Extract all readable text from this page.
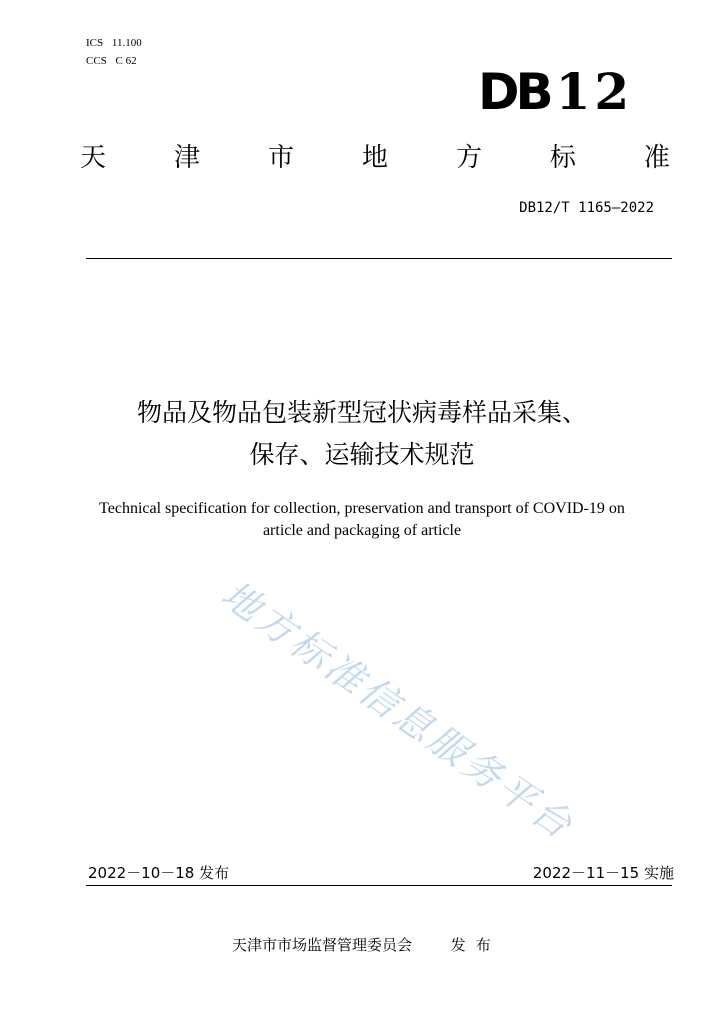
ICS 11.100
CCS C 62
DB 12
天	津	市	地	方	标	准
DB12/T 1165—2022
物品及物品包装新型冠状病毒样品采集、
保存、运输技术规范
Technical specification for collection, preservation and transport of COVID-19 on
article and packaging of article
地方标准信息服务平台
2022－10－18 发布	2022－11－15 实施
天津市市场监督管理委员会	发布
